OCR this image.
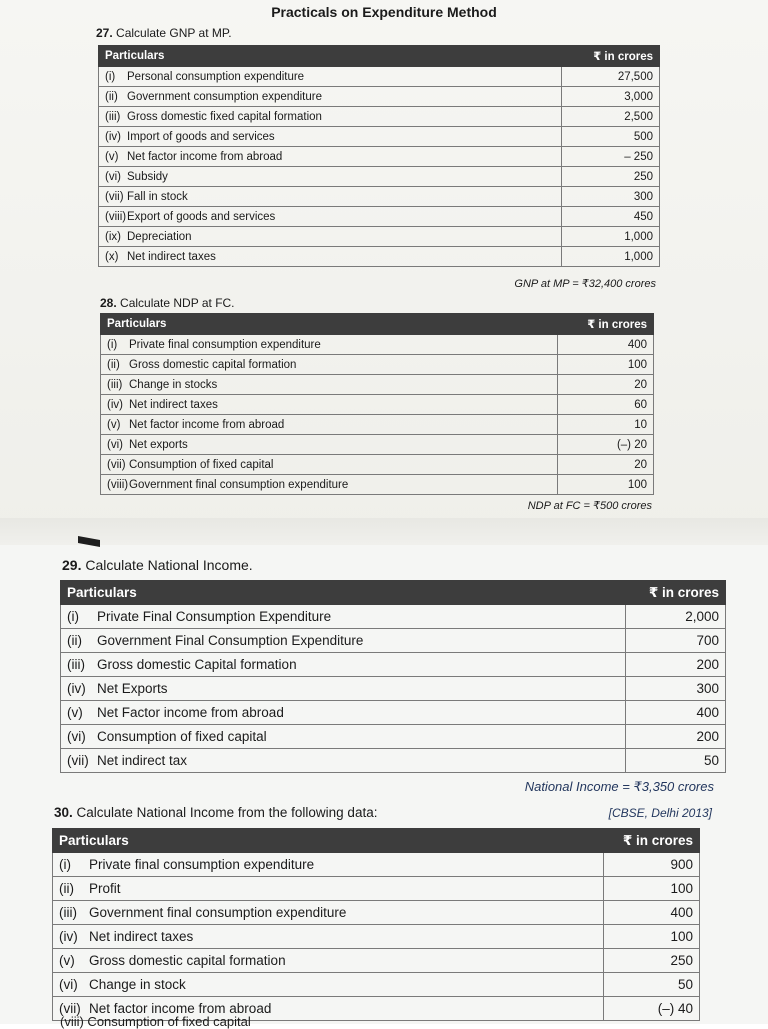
Practicals on Expenditure Method
27. Calculate GNP at MP.
Particulars	₹ in crores
(i) Personal consumption expenditure	27,500
(ii) Government consumption expenditure	3,000
(iii) Gross domestic fixed capital formation	2,500
(iv) Import of goods and services	500
(v) Net factor income from abroad	– 250
(vi) Subsidy	250
(vii) Fall in stock	300
(viii)Export of goods and services	450
(ix) Depreciation	1,000
(x) Net indirect taxes	1,000
GNP at MP = ₹32,400 crores
28. Calculate NDP at FC.
Particulars	₹ in crores
(i) Private final consumption expenditure	400
(ii) Gross domestic capital formation	100
(iii) Change in stocks	20
(iv) Net indirect taxes	60
(v) Net factor income from abroad	10
(vi) Net exports	(–) 20
(vii) Consumption of fixed capital	20
(viii)Government final consumption expenditure	100
NDP at FC = ₹500 crores
29. Calculate National Income.
Particulars	₹ in crores
(i) Private Final Consumption Expenditure	2,000
(ii) Government Final Consumption Expenditure	700
(iii) Gross domestic Capital formation	200
(iv) Net Exports	300
(v) Net Factor income from abroad	400
(vi) Consumption of fixed capital	200
(vii) Net indirect tax	50
National Income = ₹3,350 crores
30. Calculate National Income from the following data:	[CBSE, Delhi 2013]
Particulars	₹ in crores
(i) Private final consumption expenditure	900
(ii) Profit	100
(iii) Government final consumption expenditure	400
(iv) Net indirect taxes	100
(v) Gross domestic capital formation	250
(vi) Change in stock	50
(vii) Net factor income from abroad	(–) 40
(viii) Consumption of fixed capital
